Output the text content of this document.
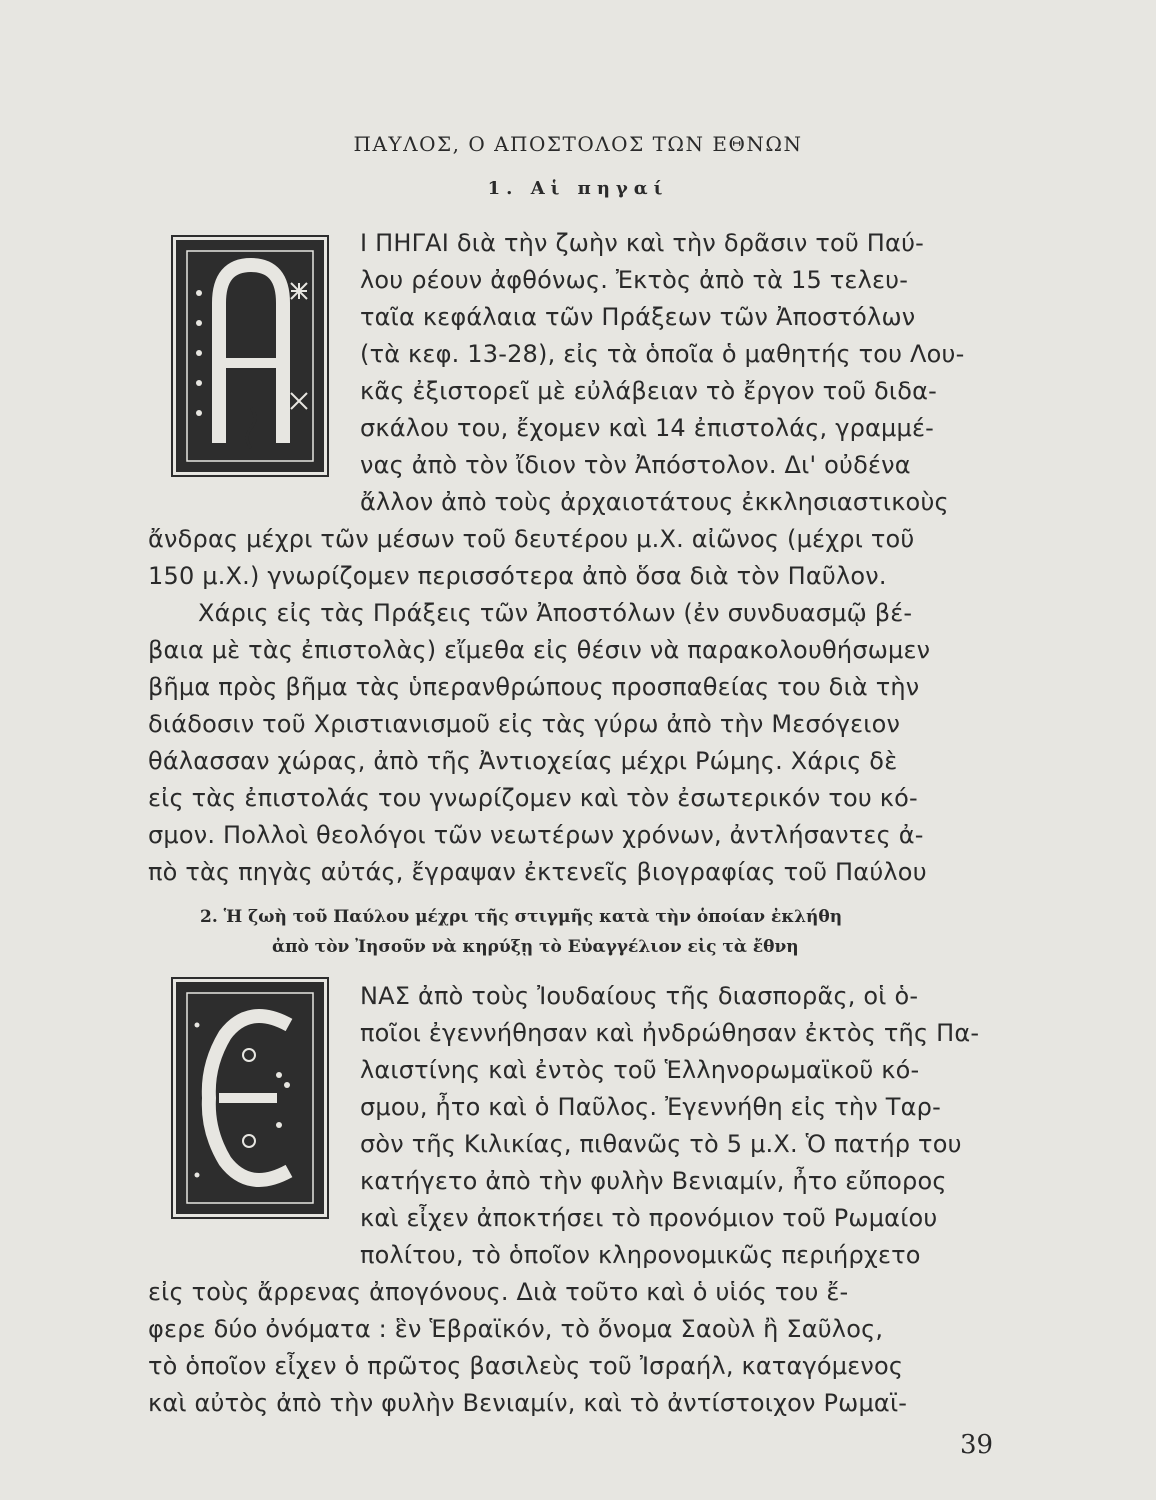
ΠΑΥΛΟΣ, Ο ΑΠΟΣΤΟΛΟΣ ΤΩΝ ΕΘΝΩΝ
1. Αἱ πηγαί
Ι ΠΗΓΑΙ διὰ τὴν ζωὴν καὶ τὴν δρᾶσιν τοῦ Παύ-
λου ρέουν ἀφθόνως. Ἐκτὸς ἀπὸ τὰ 15 τελευ-
ταῖα κεφάλαια τῶν Πράξεων τῶν Ἀποστόλων
(τὰ κεφ. 13-28), εἰς τὰ ὁποῖα ὁ μαθητής του Λου-
κᾶς ἐξιστορεῖ μὲ εὐλάβειαν τὸ ἔργον τοῦ διδα-
σκάλου του, ἔχομεν καὶ 14 ἐπιστολάς, γραμμέ-
νας ἀπὸ τὸν ἴδιον τὸν Ἀπόστολον. Δι' οὐδένα
ἄλλον ἀπὸ τοὺς ἀρχαιοτάτους ἐκκλησιαστικοὺς
ἄνδρας μέχρι τῶν μέσων τοῦ δευτέρου μ.Χ. αἰῶνος (μέχρι τοῦ
150 μ.Χ.) γνωρίζομεν περισσότερα ἀπὸ ὅσα διὰ τὸν Παῦλον.
Χάρις εἰς τὰς Πράξεις τῶν Ἀποστόλων (ἐν συνδυασμῷ βέ-
βαια μὲ τὰς ἐπιστολὰς) εἴμεθα εἰς θέσιν νὰ παρακολουθήσωμεν
βῆμα πρὸς βῆμα τὰς ὑπερανθρώπους προσπαθείας του διὰ τὴν
διάδοσιν τοῦ Χριστιανισμοῦ εἰς τὰς γύρω ἀπὸ τὴν Μεσόγειον
θάλασσαν χώρας, ἀπὸ τῆς Ἀντιοχείας μέχρι Ρώμης. Χάρις δὲ
εἰς τὰς ἐπιστολάς του γνωρίζομεν καὶ τὸν ἐσωτερικόν του κό-
σμον. Πολλοὶ θεολόγοι τῶν νεωτέρων χρόνων, ἀντλήσαντες ἀ-
πὸ τὰς πηγὰς αὐτάς, ἔγραψαν ἐκτενεῖς βιογραφίας τοῦ Παύλου
2. Ἡ ζωὴ τοῦ Παύλου μέχρι τῆς στιγμῆς κατὰ τὴν ὁποίαν ἐκλήθη
ἀπὸ τὸν Ἰησοῦν νὰ κηρύξῃ τὸ Εὐαγγέλιον εἰς τὰ ἔθνη
ΝΑΣ ἀπὸ τοὺς Ἰουδαίους τῆς διασπορᾶς, οἱ ὁ-
ποῖοι ἐγεννήθησαν καὶ ἠνδρώθησαν ἐκτὸς τῆς Πα-
λαιστίνης καὶ ἐντὸς τοῦ Ἑλληνορωμαϊκοῦ κό-
σμου, ἦτο καὶ ὁ Παῦλος. Ἐγεννήθη εἰς τὴν Ταρ-
σὸν τῆς Κιλικίας, πιθανῶς τὸ 5 μ.Χ. Ὁ πατήρ του
κατήγετο ἀπὸ τὴν φυλὴν Βενιαμίν, ἦτο εὔπορος
καὶ εἶχεν ἀποκτήσει τὸ προνόμιον τοῦ Ρωμαίου
πολίτου, τὸ ὁποῖον κληρονομικῶς περιήρχετο
εἰς τοὺς ἄρρενας ἀπογόνους. Διὰ τοῦτο καὶ ὁ υἱός του ἔ-
φερε δύο ὀνόματα : ἓν Ἑβραϊκόν, τὸ ὄνομα Σαοὺλ ἢ Σαῦλος,
τὸ ὁποῖον εἶχεν ὁ πρῶτος βασιλεὺς τοῦ Ἰσραήλ, καταγόμενος
καὶ αὐτὸς ἀπὸ τὴν φυλὴν Βενιαμίν, καὶ τὸ ἀντίστοιχον Ρωμαϊ-
39
